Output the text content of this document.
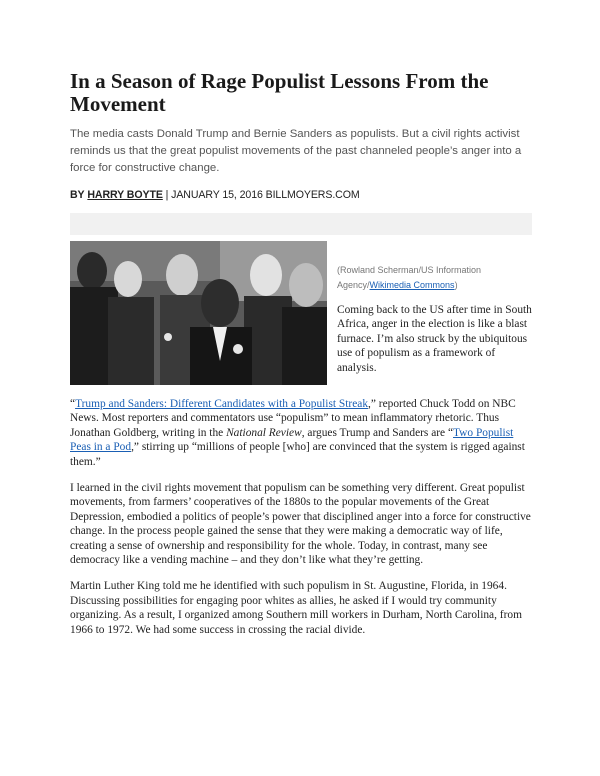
In a Season of Rage Populist Lessons From the Movement
The media casts Donald Trump and Bernie Sanders as populists. But a civil rights activist reminds us that the great populist movements of the past channeled people’s anger into a force for constructive change.
BY HARRY BOYTE | JANUARY 15, 2016 BILLMOYERS.COM
(Rowland Scherman/US Information Agency/Wikimedia Commons)
Coming back to the US after time in South Africa, anger in the election is like a blast furnace. I’m also struck by the ubiquitous use of populism as a framework of analysis.

“Trump and Sanders: Different Candidates with a Populist Streak,” reported Chuck Todd on NBC News. Most reporters and commentators use “populism” to mean inflammatory rhetoric. Thus Jonathan Goldberg, writing in the National Review, argues Trump and Sanders are “Two Populist Peas in a Pod,” stirring up “millions of people [who] are convinced that the system is rigged against them.”

I learned in the civil rights movement that populism can be something very different. Great populist movements, from farmers’ cooperatives of the 1880s to the popular movements of the Great Depression, embodied a politics of people’s power that disciplined anger into a force for constructive change. In the process people gained the sense that they were making a democratic way of life, creating a sense of ownership and responsibility for the whole. Today, in contrast, many see democracy like a vending machine – and they don’t like what they’re getting.

Martin Luther King told me he identified with such populism in St. Augustine, Florida, in 1964. Discussing possibilities for engaging poor whites as allies, he asked if I would try community organizing. As a result, I organized among Southern mill workers in Durham, North Carolina, from 1966 to 1972. We had some success in crossing the racial divide.
